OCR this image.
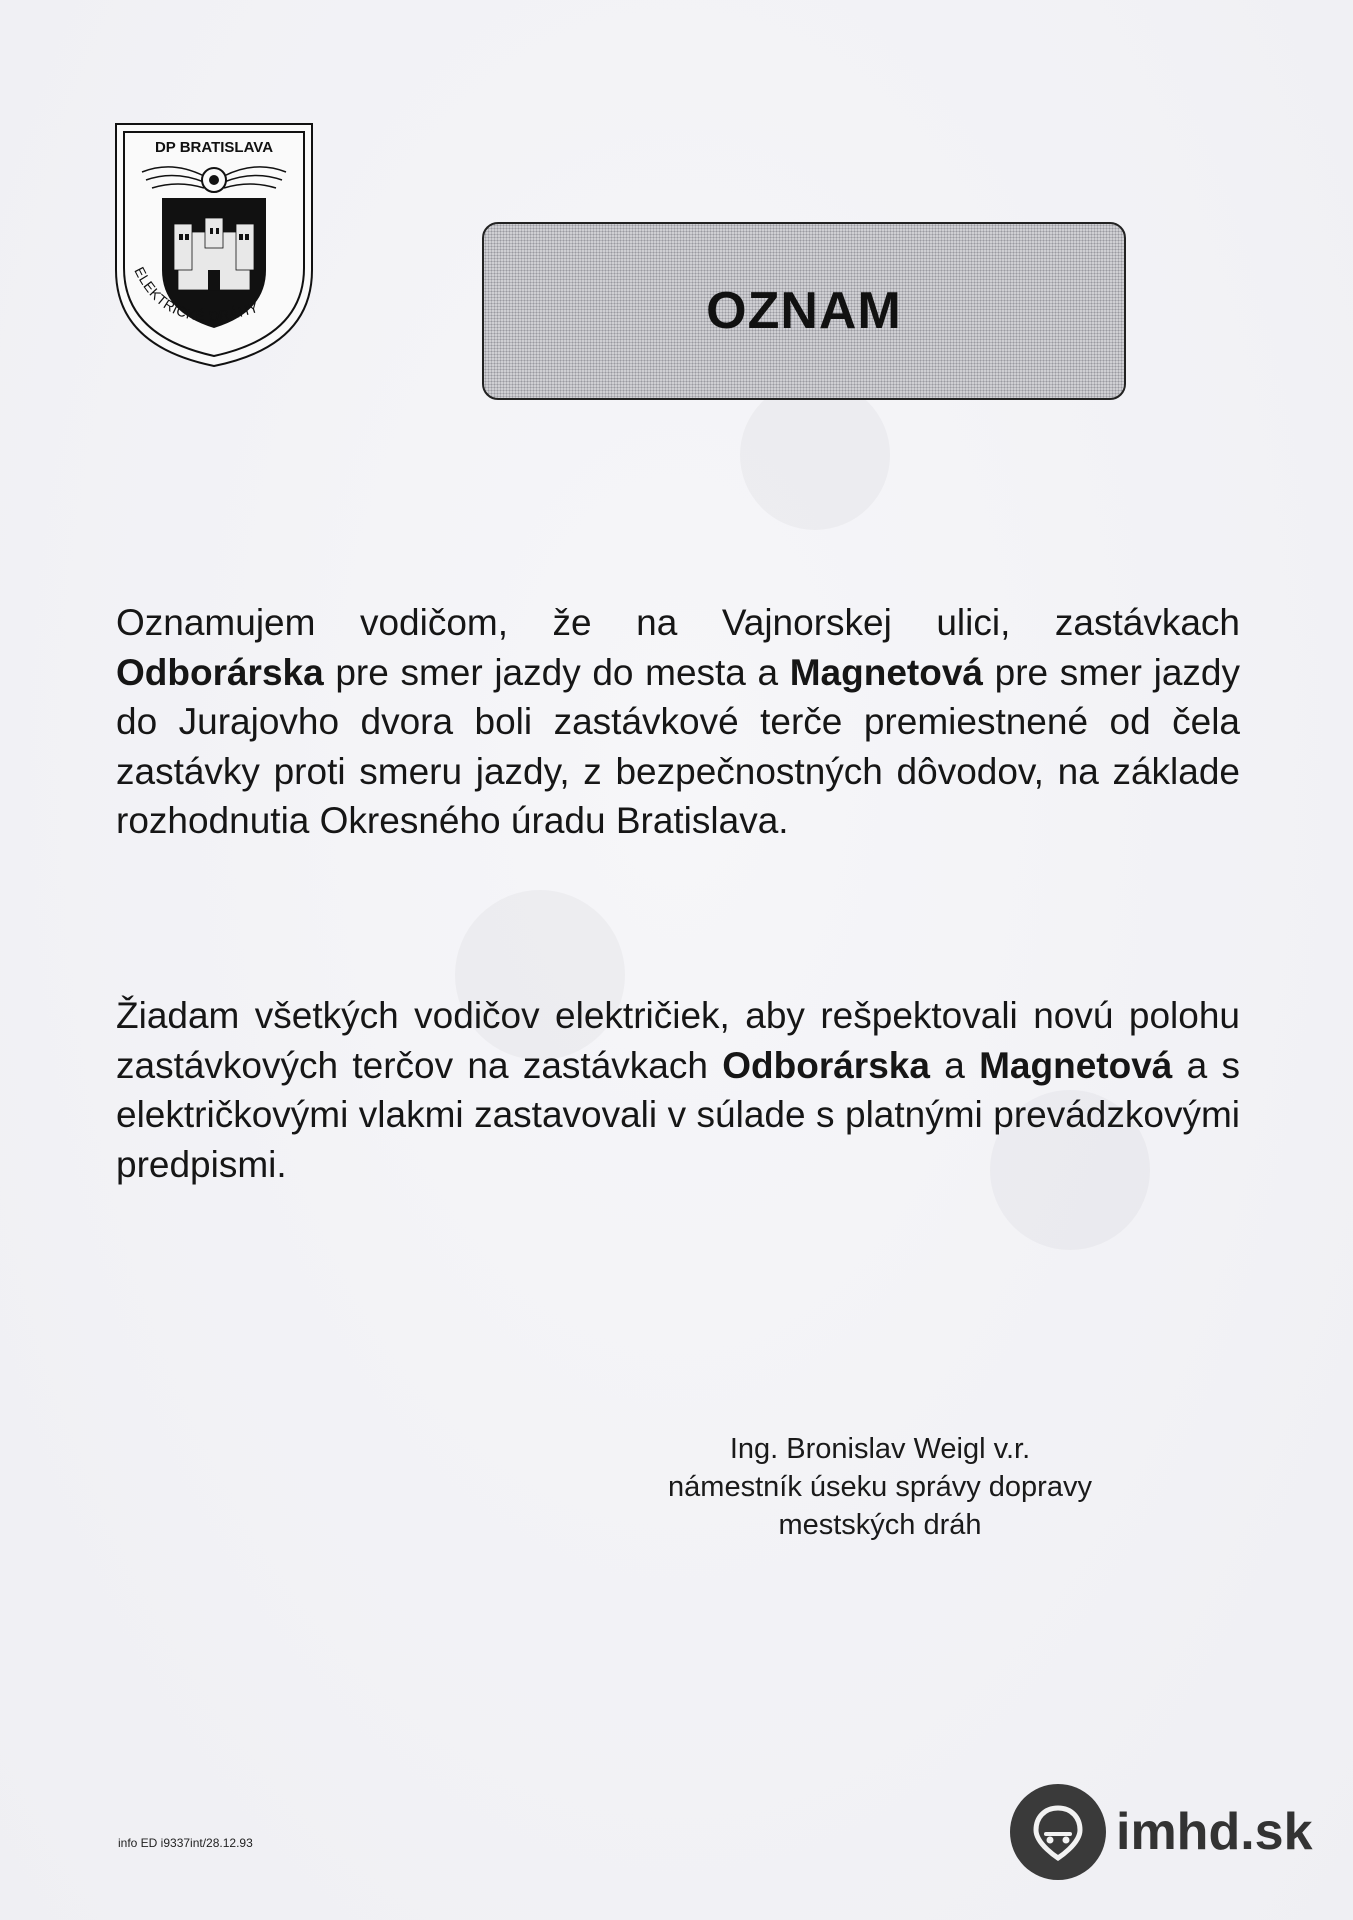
DP BRATISLAVA
ELEKTRICKÉ DRÁHY	OZNAM
Oznamujem vodičom, že na Vajnorskej ulici, zastávkach Odborárska pre smer jazdy do mesta a Magnetová pre smer jazdy do Jurajovho dvora boli zastávkové terče premiestnené od čela zastávky proti smeru jazdy, z bezpečnostných dôvodov, na základe rozhodnutia Okresného úradu Bratislava.
Žiadam všetkých vodičov električiek, aby rešpektovali novú polohu zastávkových terčov na zastávkach Odborárska a Magnetová a s električkovými vlakmi zastavovali v súlade s platnými prevádzkovými predpismi.
Ing. Bronislav Weigl v.r.
námestník úseku správy dopravy
mestských dráh
info ED i9337int/28.12.93	imhd.sk
